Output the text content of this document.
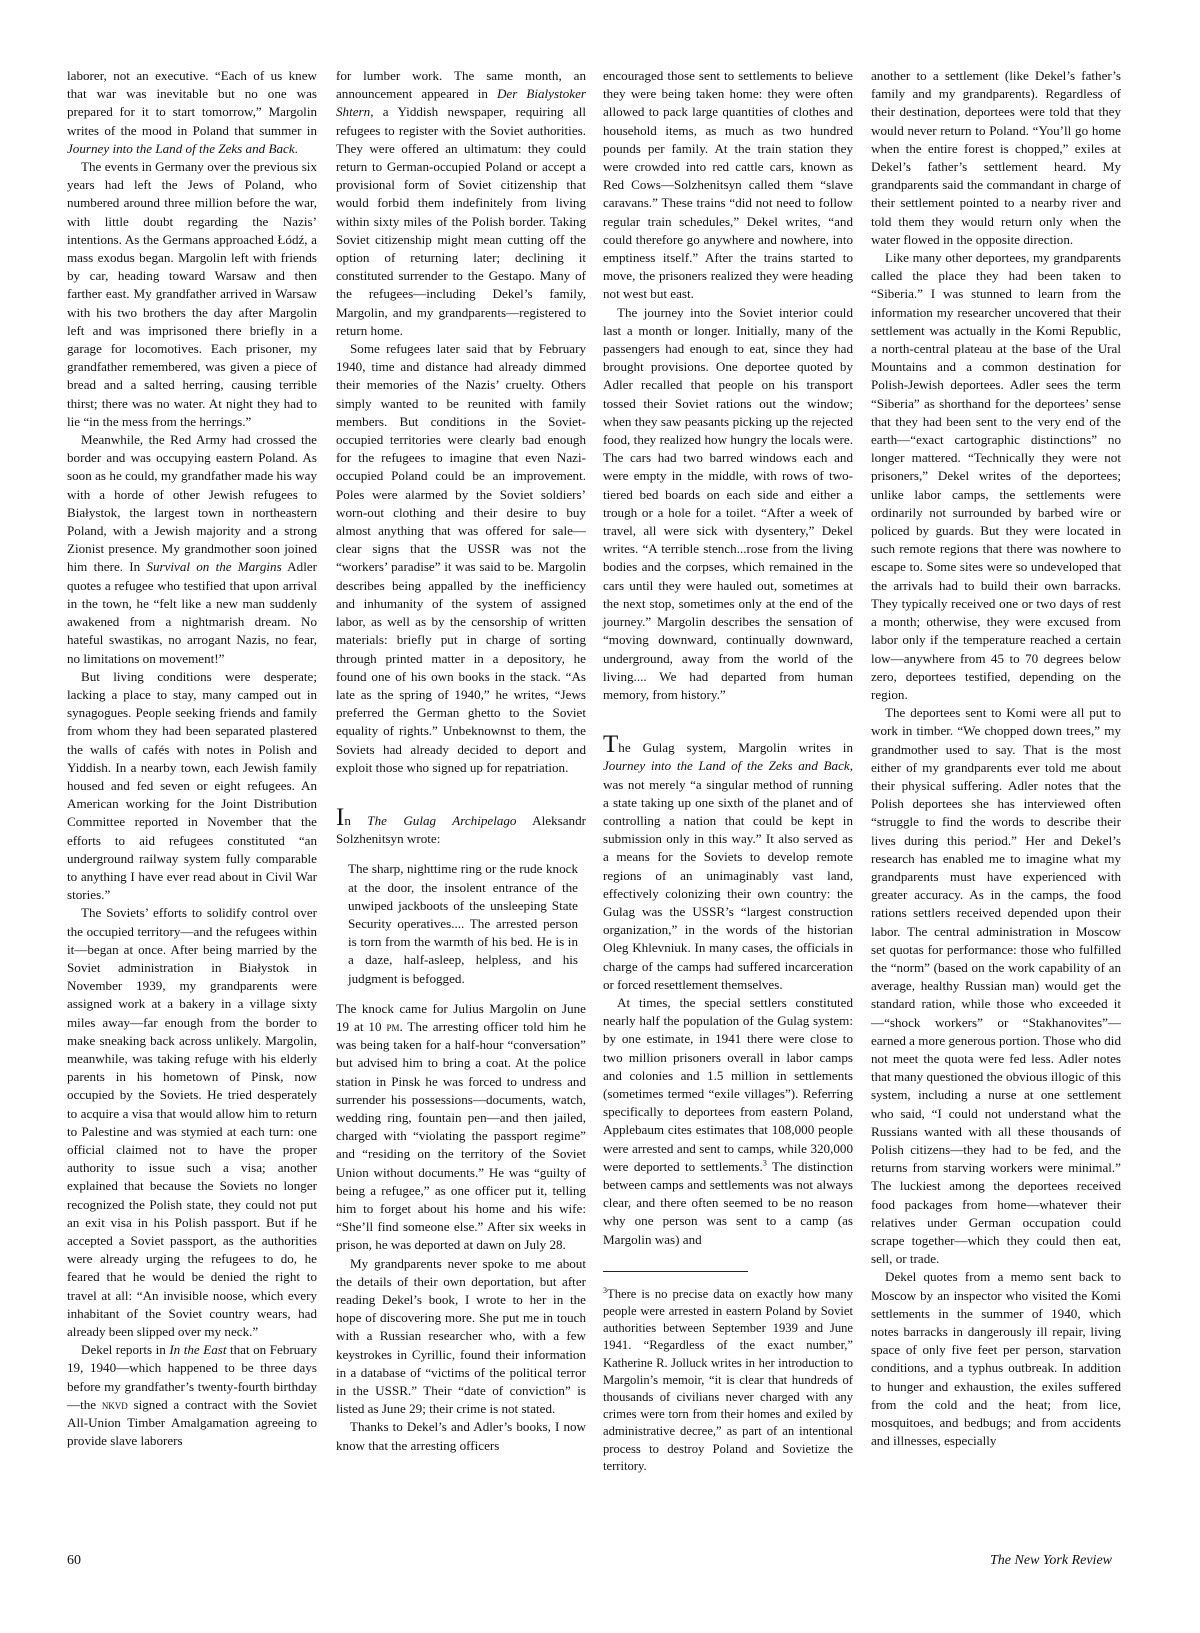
laborer, not an executive. “Each of us knew that war was inevitable but no one was prepared for it to start tomorrow,” Margolin writes of the mood in Poland that summer in Journey into the Land of the Zeks and Back.

The events in Germany over the previous six years had left the Jews of Poland, who numbered around three million before the war, with little doubt regarding the Nazis’ intentions. As the Germans approached Łódź, a mass exodus began. Margolin left with friends by car, heading toward Warsaw and then farther east. My grandfather arrived in Warsaw with his two brothers the day after Margolin left and was imprisoned there briefly in a garage for locomotives. Each prisoner, my grandfather remembered, was given a piece of bread and a salted herring, causing terrible thirst; there was no water. At night they had to lie “in the mess from the herrings.”

Meanwhile, the Red Army had crossed the border and was occupying eastern Poland. As soon as he could, my grandfather made his way with a horde of other Jewish refugees to Białystok, the largest town in northeastern Poland, with a Jewish majority and a strong Zionist presence. My grandmother soon joined him there. In Survival on the Margins Adler quotes a refugee who testified that upon arrival in the town, he “felt like a new man suddenly awakened from a nightmarish dream. No hateful swastikas, no arrogant Nazis, no fear, no limitations on movement!”

But living conditions were desperate; lacking a place to stay, many camped out in synagogues. People seeking friends and family from whom they had been separated plastered the walls of cafés with notes in Polish and Yiddish. In a nearby town, each Jewish family housed and fed seven or eight refugees. An American working for the Joint Distribution Committee reported in November that the efforts to aid refugees constituted “an underground railway system fully comparable to anything I have ever read about in Civil War stories.”

The Soviets’ efforts to solidify control over the occupied territory—and the refugees within it—began at once. After being married by the Soviet administration in Białystok in November 1939, my grandparents were assigned work at a bakery in a village sixty miles away—far enough from the border to make sneaking back across unlikely. Margolin, meanwhile, was taking refuge with his elderly parents in his hometown of Pinsk, now occupied by the Soviets. He tried desperately to acquire a visa that would allow him to return to Palestine and was stymied at each turn: one official claimed not to have the proper authority to issue such a visa; another explained that because the Soviets no longer recognized the Polish state, they could not put an exit visa in his Polish passport. But if he accepted a Soviet passport, as the authorities were already urging the refugees to do, he feared that he would be denied the right to travel at all: “An invisible noose, which every inhabitant of the Soviet country wears, had already been slipped over my neck.”

Dekel reports in In the East that on February 19, 1940—which happened to be three days before my grandfather’s twenty-fourth birthday—the nkvd signed a contract with the Soviet All-Union Timber Amalgamation agreeing to provide slave laborers

for lumber work. The same month, an announcement appeared in Der Bialystoker Shtern, a Yiddish newspaper, requiring all refugees to register with the Soviet authorities. They were offered an ultimatum: they could return to German-occupied Poland or accept a provisional form of Soviet citizenship that would forbid them indefinitely from living within sixty miles of the Polish border. Taking Soviet citizenship might mean cutting off the option of returning later; declining it constituted surrender to the Gestapo. Many of the refugees—including Dekel’s family, Margolin, and my grandparents—registered to return home.

Some refugees later said that by February 1940, time and distance had already dimmed their memories of the Nazis’ cruelty. Others simply wanted to be reunited with family members. But conditions in the Soviet-occupied territories were clearly bad enough for the refugees to imagine that even Nazi-occupied Poland could be an improvement. Poles were alarmed by the Soviet soldiers’ worn-out clothing and their desire to buy almost anything that was offered for sale—clear signs that the USSR was not the “workers’ paradise” it was said to be. Margolin describes being appalled by the inefficiency and inhumanity of the system of assigned labor, as well as by the censorship of written materials: briefly put in charge of sorting through printed matter in a depository, he found one of his own books in the stack. “As late as the spring of 1940,” he writes, “Jews preferred the German ghetto to the Soviet equality of rights.” Unbeknownst to them, the Soviets had already decided to deport and exploit those who signed up for repatriation.

In The Gulag Archipelago Aleksandr Solzhenitsyn wrote:

The sharp, nighttime ring or the rude knock at the door, the insolent entrance of the unwiped jackboots of the unsleeping State Security operatives.... The arrested person is torn from the warmth of his bed. He is in a daze, half-asleep, helpless, and his judgment is befogged.

The knock came for Julius Margolin on June 19 at 10 pm. The arresting officer told him he was being taken for a half-hour “conversation” but advised him to bring a coat. At the police station in Pinsk he was forced to undress and surrender his possessions—documents, watch, wedding ring, fountain pen—and then jailed, charged with “violating the passport regime” and “residing on the territory of the Soviet Union without documents.” He was “guilty of being a refugee,” as one officer put it, telling him to forget about his home and his wife: “She’ll find someone else.” After six weeks in prison, he was deported at dawn on July 28.

My grandparents never spoke to me about the details of their own deportation, but after reading Dekel’s book, I wrote to her in the hope of discovering more. She put me in touch with a Russian researcher who, with a few keystrokes in Cyrillic, found their information in a database of “victims of the political terror in the USSR.” Their “date of conviction” is listed as June 29; their crime is not stated.

Thanks to Dekel’s and Adler’s books, I now know that the arresting officers

encouraged those sent to settlements to believe they were being taken home: they were often allowed to pack large quantities of clothes and household items, as much as two hundred pounds per family. At the train station they were crowded into red cattle cars, known as Red Cows—Solzhenitsyn called them “slave caravans.” These trains “did not need to follow regular train schedules,” Dekel writes, “and could therefore go anywhere and nowhere, into emptiness itself.” After the trains started to move, the prisoners realized they were heading not west but east.

The journey into the Soviet interior could last a month or longer. Initially, many of the passengers had enough to eat, since they had brought provisions. One deportee quoted by Adler recalled that people on his transport tossed their Soviet rations out the window; when they saw peasants picking up the rejected food, they realized how hungry the locals were. The cars had two barred windows each and were empty in the middle, with rows of two-tiered bed boards on each side and either a trough or a hole for a toilet. “After a week of travel, all were sick with dysentery,” Dekel writes. “A terrible stench...rose from the living bodies and the corpses, which remained in the cars until they were hauled out, sometimes at the next stop, sometimes only at the end of the journey.” Margolin describes the sensation of “moving downward, continually downward, underground, away from the world of the living.... We had departed from human memory, from history.”

The Gulag system, Margolin writes in Journey into the Land of the Zeks and Back, was not merely “a singular method of running a state taking up one sixth of the planet and of controlling a nation that could be kept in submission only in this way.” It also served as a means for the Soviets to develop remote regions of an unimaginably vast land, effectively colonizing their own country: the Gulag was the USSR’s “largest construction organization,” in the words of the historian Oleg Khlevniuk. In many cases, the officials in charge of the camps had suffered incarceration or forced resettlement themselves.

At times, the special settlers constituted nearly half the population of the Gulag system: by one estimate, in 1941 there were close to two million prisoners overall in labor camps and colonies and 1.5 million in settlements (sometimes termed “exile villages”). Referring specifically to deportees from eastern Poland, Applebaum cites estimates that 108,000 people were arrested and sent to camps, while 320,000 were deported to settlements.$^3$ The distinction between camps and settlements was not always clear, and there often seemed to be no reason why one person was sent to a camp (as Margolin was) and

$^3$There is no precise data on exactly how many people were arrested in eastern Poland by Soviet authorities between September 1939 and June 1941. “Regardless of the exact number,” Katherine R. Jolluck writes in her introduction to Margolin’s memoir, “it is clear that hundreds of thousands of civilians never charged with any crimes were torn from their homes and exiled by administrative decree,” as part of an intentional process to destroy Poland and Sovietize the territory.

another to a settlement (like Dekel’s father’s family and my grandparents). Regardless of their destination, deportees were told that they would never return to Poland. “You’ll go home when the entire forest is chopped,” exiles at Dekel’s father’s settlement heard. My grandparents said the commandant in charge of their settlement pointed to a nearby river and told them they would return only when the water flowed in the opposite direction.

Like many other deportees, my grandparents called the place they had been taken to “Siberia.” I was stunned to learn from the information my researcher uncovered that their settlement was actually in the Komi Republic, a north-central plateau at the base of the Ural Mountains and a common destination for Polish-Jewish deportees. Adler sees the term “Siberia” as shorthand for the deportees’ sense that they had been sent to the very end of the earth—“exact cartographic distinctions” no longer mattered. “Technically they were not prisoners,” Dekel writes of the deportees; unlike labor camps, the settlements were ordinarily not surrounded by barbed wire or policed by guards. But they were located in such remote regions that there was nowhere to escape to. Some sites were so undeveloped that the arrivals had to build their own barracks. They typically received one or two days of rest a month; otherwise, they were excused from labor only if the temperature reached a certain low—anywhere from 45 to 70 degrees below zero, deportees testified, depending on the region.

The deportees sent to Komi were all put to work in timber. “We chopped down trees,” my grandmother used to say. That is the most either of my grandparents ever told me about their physical suffering. Adler notes that the Polish deportees she has interviewed often “struggle to find the words to describe their lives during this period.” Her and Dekel’s research has enabled me to imagine what my grandparents must have experienced with greater accuracy. As in the camps, the food rations settlers received depended upon their labor. The central administration in Moscow set quotas for performance: those who fulfilled the “norm” (based on the work capability of an average, healthy Russian man) would get the standard ration, while those who exceeded it—“shock workers” or “Stakhanovites”—earned a more generous portion. Those who did not meet the quota were fed less. Adler notes that many questioned the obvious illogic of this system, including a nurse at one settlement who said, “I could not understand what the Russians wanted with all these thousands of Polish citizens—they had to be fed, and the returns from starving workers were minimal.” The luckiest among the deportees received food packages from home—whatever their relatives under German occupation could scrape together—which they could then eat, sell, or trade.

Dekel quotes from a memo sent back to Moscow by an inspector who visited the Komi settlements in the summer of 1940, which notes barracks in dangerously ill repair, living space of only five feet per person, starvation conditions, and a typhus outbreak. In addition to hunger and exhaustion, the exiles suffered from the cold and the heat; from lice, mosquitoes, and bedbugs; and from accidents and illnesses, especially

60	The New York Review
